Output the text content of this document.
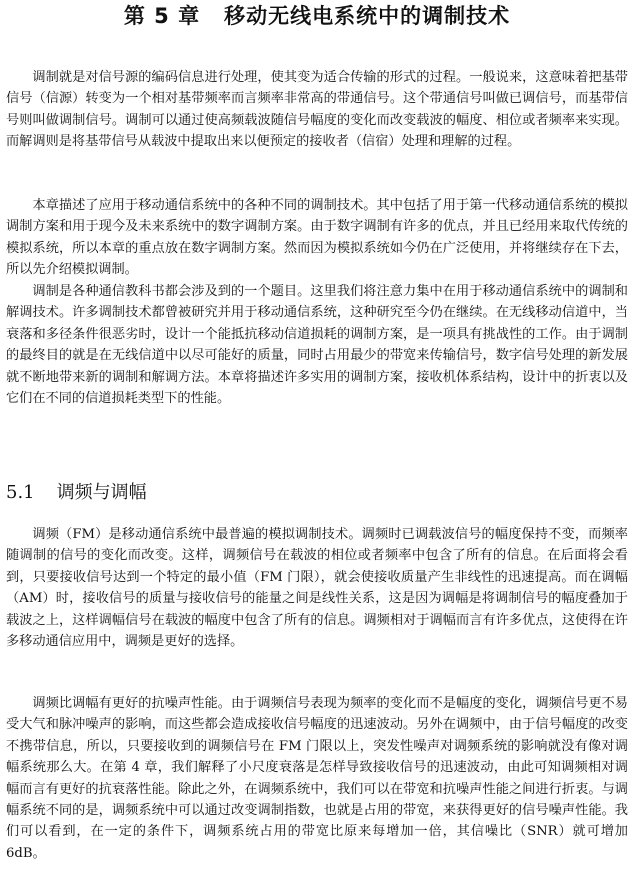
第 5 章 移动无线电系统中的调制技术

调制就是对信号源的编码信息进行处理，使其变为适合传输的形式的过程。一般说来，这意味着把基带信号（信源）转变为一个相对基带频率而言频率非常高的带通信号。这个带通信号叫做已调信号，而基带信号则叫做调制信号。调制可以通过使高频载波随信号幅度的变化而改变载波的幅度、相位或者频率来实现。而解调则是将基带信号从载波中提取出来以便预定的接收者（信宿）处理和理解的过程。

本章描述了应用于移动通信系统中的各种不同的调制技术。其中包括了用于第一代移动通信系统的模拟调制方案和用于现今及未来系统中的数字调制方案。由于数字调制有许多的优点，并且已经用来取代传统的模拟系统，所以本章的重点放在数字调制方案。然而因为模拟系统如今仍在广泛使用，并将继续存在下去，所以先介绍模拟调制。

调制是各种通信教科书都会涉及到的一个题目。这里我们将注意力集中在用于移动通信系统中的调制和解调技术。许多调制技术都曾被研究并用于移动通信系统，这种研究至今仍在继续。在无线移动信道中，当衰落和多径条件很恶劣时，设计一个能抵抗移动信道损耗的调制方案，是一项具有挑战性的工作。由于调制的最终目的就是在无线信道中以尽可能好的质量，同时占用最少的带宽来传输信号，数字信号处理的新发展就不断地带来新的调制和解调方法。本章将描述许多实用的调制方案，接收机体系结构，设计中的折衷以及它们在不同的信道损耗类型下的性能。

5.1 调频与调幅

调频（FM）是移动通信系统中最普遍的模拟调制技术。调频时已调载波信号的幅度保持不变，而频率随调制的信号的变化而改变。这样，调频信号在载波的相位或者频率中包含了所有的信息。在后面将会看到，只要接收信号达到一个特定的最小值（FM 门限），就会使接收质量产生非线性的迅速提高。而在调幅（AM）时，接收信号的质量与接收信号的能量之间是线性关系，这是因为调幅是将调制信号的幅度叠加于载波之上，这样调幅信号在载波的幅度中包含了所有的信息。调频相对于调幅而言有许多优点，这使得在许多移动通信应用中，调频是更好的选择。

调频比调幅有更好的抗噪声性能。由于调频信号表现为频率的变化而不是幅度的变化，调频信号更不易受大气和脉冲噪声的影响，而这些都会造成接收信号幅度的迅速波动。另外在调频中，由于信号幅度的改变不携带信息，所以，只要接收到的调频信号在 FM 门限以上，突发性噪声对调频系统的影响就没有像对调幅系统那么大。在第 4 章，我们解释了小尺度衰落是怎样导致接收信号的迅速波动，由此可知调频相对调幅而言有更好的抗衰落性能。除此之外，在调频系统中，我们可以在带宽和抗噪声性能之间进行折衷。与调幅系统不同的是，调频系统中可以通过改变调制指数，也就是占用的带宽，来获得更好的信号噪声性能。我们可以看到，在一定的条件下，调频系统占用的带宽比原来每增加一倍，其信噪比（SNR）就可增加 6dB。
